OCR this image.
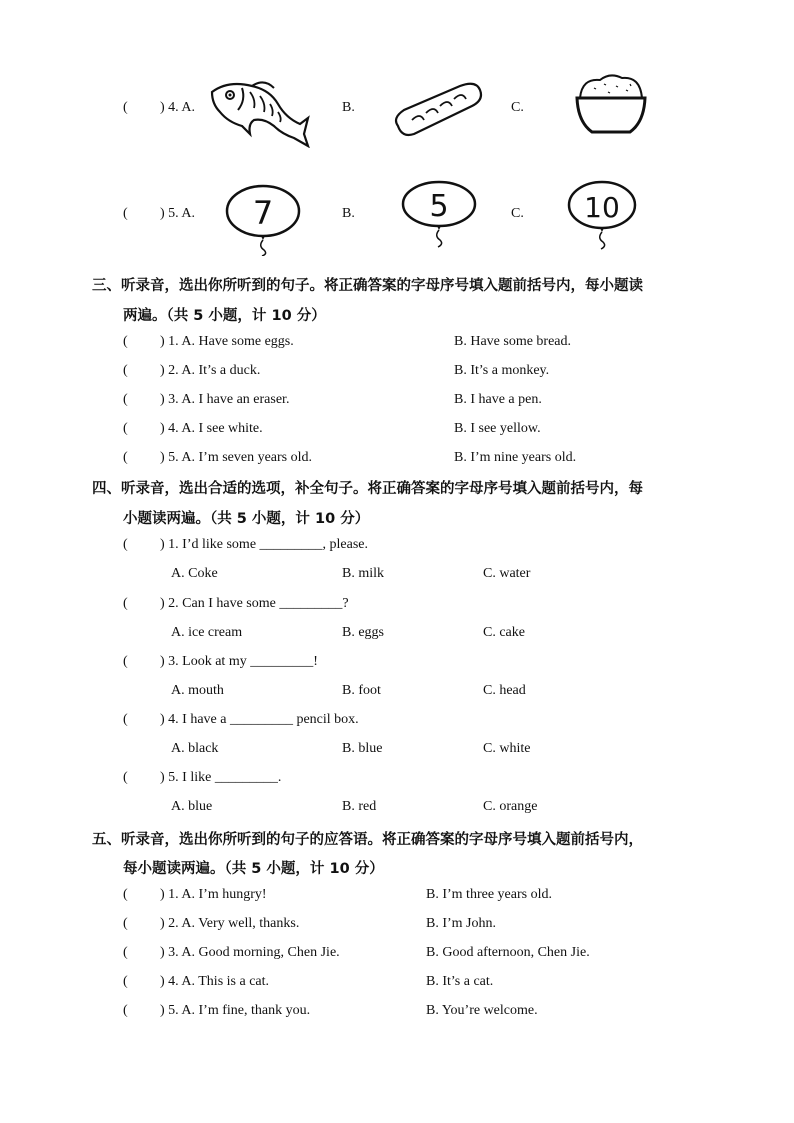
( ) 4. A.	B.	C.
( ) 5. A. 7	B. 5	C. 10
三、听录音，选出你所听到的句子。将正确答案的字母序号填入题前括号内，每小题读
两遍。（共 5 小题，计 10 分）
( ) 1. A. Have some eggs.	B. Have some bread.
( ) 2. A. It’s a duck.	B. It’s a monkey.
( ) 3. A. I have an eraser.	B. I have a pen.
( ) 4. A. I see white.	B. I see yellow.
( ) 5. A. I’m seven years old.	B. I’m nine years old.
四、听录音，选出合适的选项，补全句子。将正确答案的字母序号填入题前括号内，每
小题读两遍。（共 5 小题，计 10 分）
( ) 1. I’d like some _________, please.
A. Coke	B. milk	C. water
( ) 2. Can I have some _________?
A. ice cream	B. eggs	C. cake
( ) 3. Look at my _________!
A. mouth	B. foot	C. head
( ) 4. I have a _________ pencil box.
A. black	B. blue	C. white
( ) 5. I like _________.
A. blue	B. red	C. orange
五、听录音，选出你所听到的句子的应答语。将正确答案的字母序号填入题前括号内，
每小题读两遍。（共 5 小题，计 10 分）
( ) 1. A. I’m hungry!	B. I’m three years old.
( ) 2. A. Very well, thanks.	B. I’m John.
( ) 3. A. Good morning, Chen Jie.	B. Good afternoon, Chen Jie.
( ) 4. A. This is a cat.	B. It’s a cat.
( ) 5. A. I’m fine, thank you.	B. You’re welcome.
